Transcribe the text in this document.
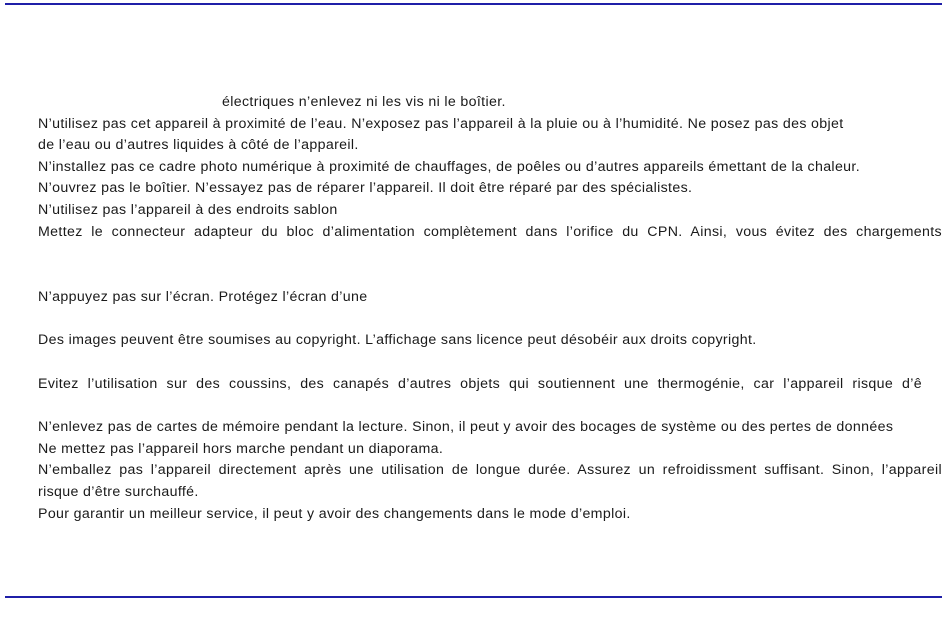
électriques n’enlevez ni les vis ni le boîtier.
N’utilisez pas cet appareil à proximité de l’eau. N’exposez pas l’appareil à la pluie ou à l’humidité. Ne posez pas des objet
de l’eau ou d’autres liquides à côté de l’appareil.
N’installez pas ce cadre photo numérique à proximité de chauffages, de poêles ou d’autres appareils émettant de la chaleur.
N’ouvrez pas le boîtier. N’essayez pas de réparer l’appareil. Il doit être réparé par des spécialistes.
N’utilisez pas l’appareil à des endroits sablon
Mettez le connecteur adapteur du bloc d’alimentation complètement dans l’orifice du CPN. Ainsi, vous évitez des chargements
N’appuyez pas sur l’écran. Protégez l’écran d’une
Des images peuvent être soumises au copyright. L’affichage sans licence peut désobéir aux droits copyright.
Evitez l’utilisation sur des coussins, des canapés d’autres objets qui soutiennent une thermogénie, car l’appareil risque d’ê
N’enlevez pas de cartes de mémoire pendant la lecture. Sinon, il peut y avoir des bocages de système ou des pertes de données
Ne mettez pas l’appareil hors marche pendant un diaporama.
N’emballez pas l’appareil directement après une utilisation de longue durée. Assurez un refroidissment suffisant. Sinon, l’appareil
risque d’être surchauffé.
Pour garantir un meilleur service, il peut y avoir des changements dans le mode d’emploi.
